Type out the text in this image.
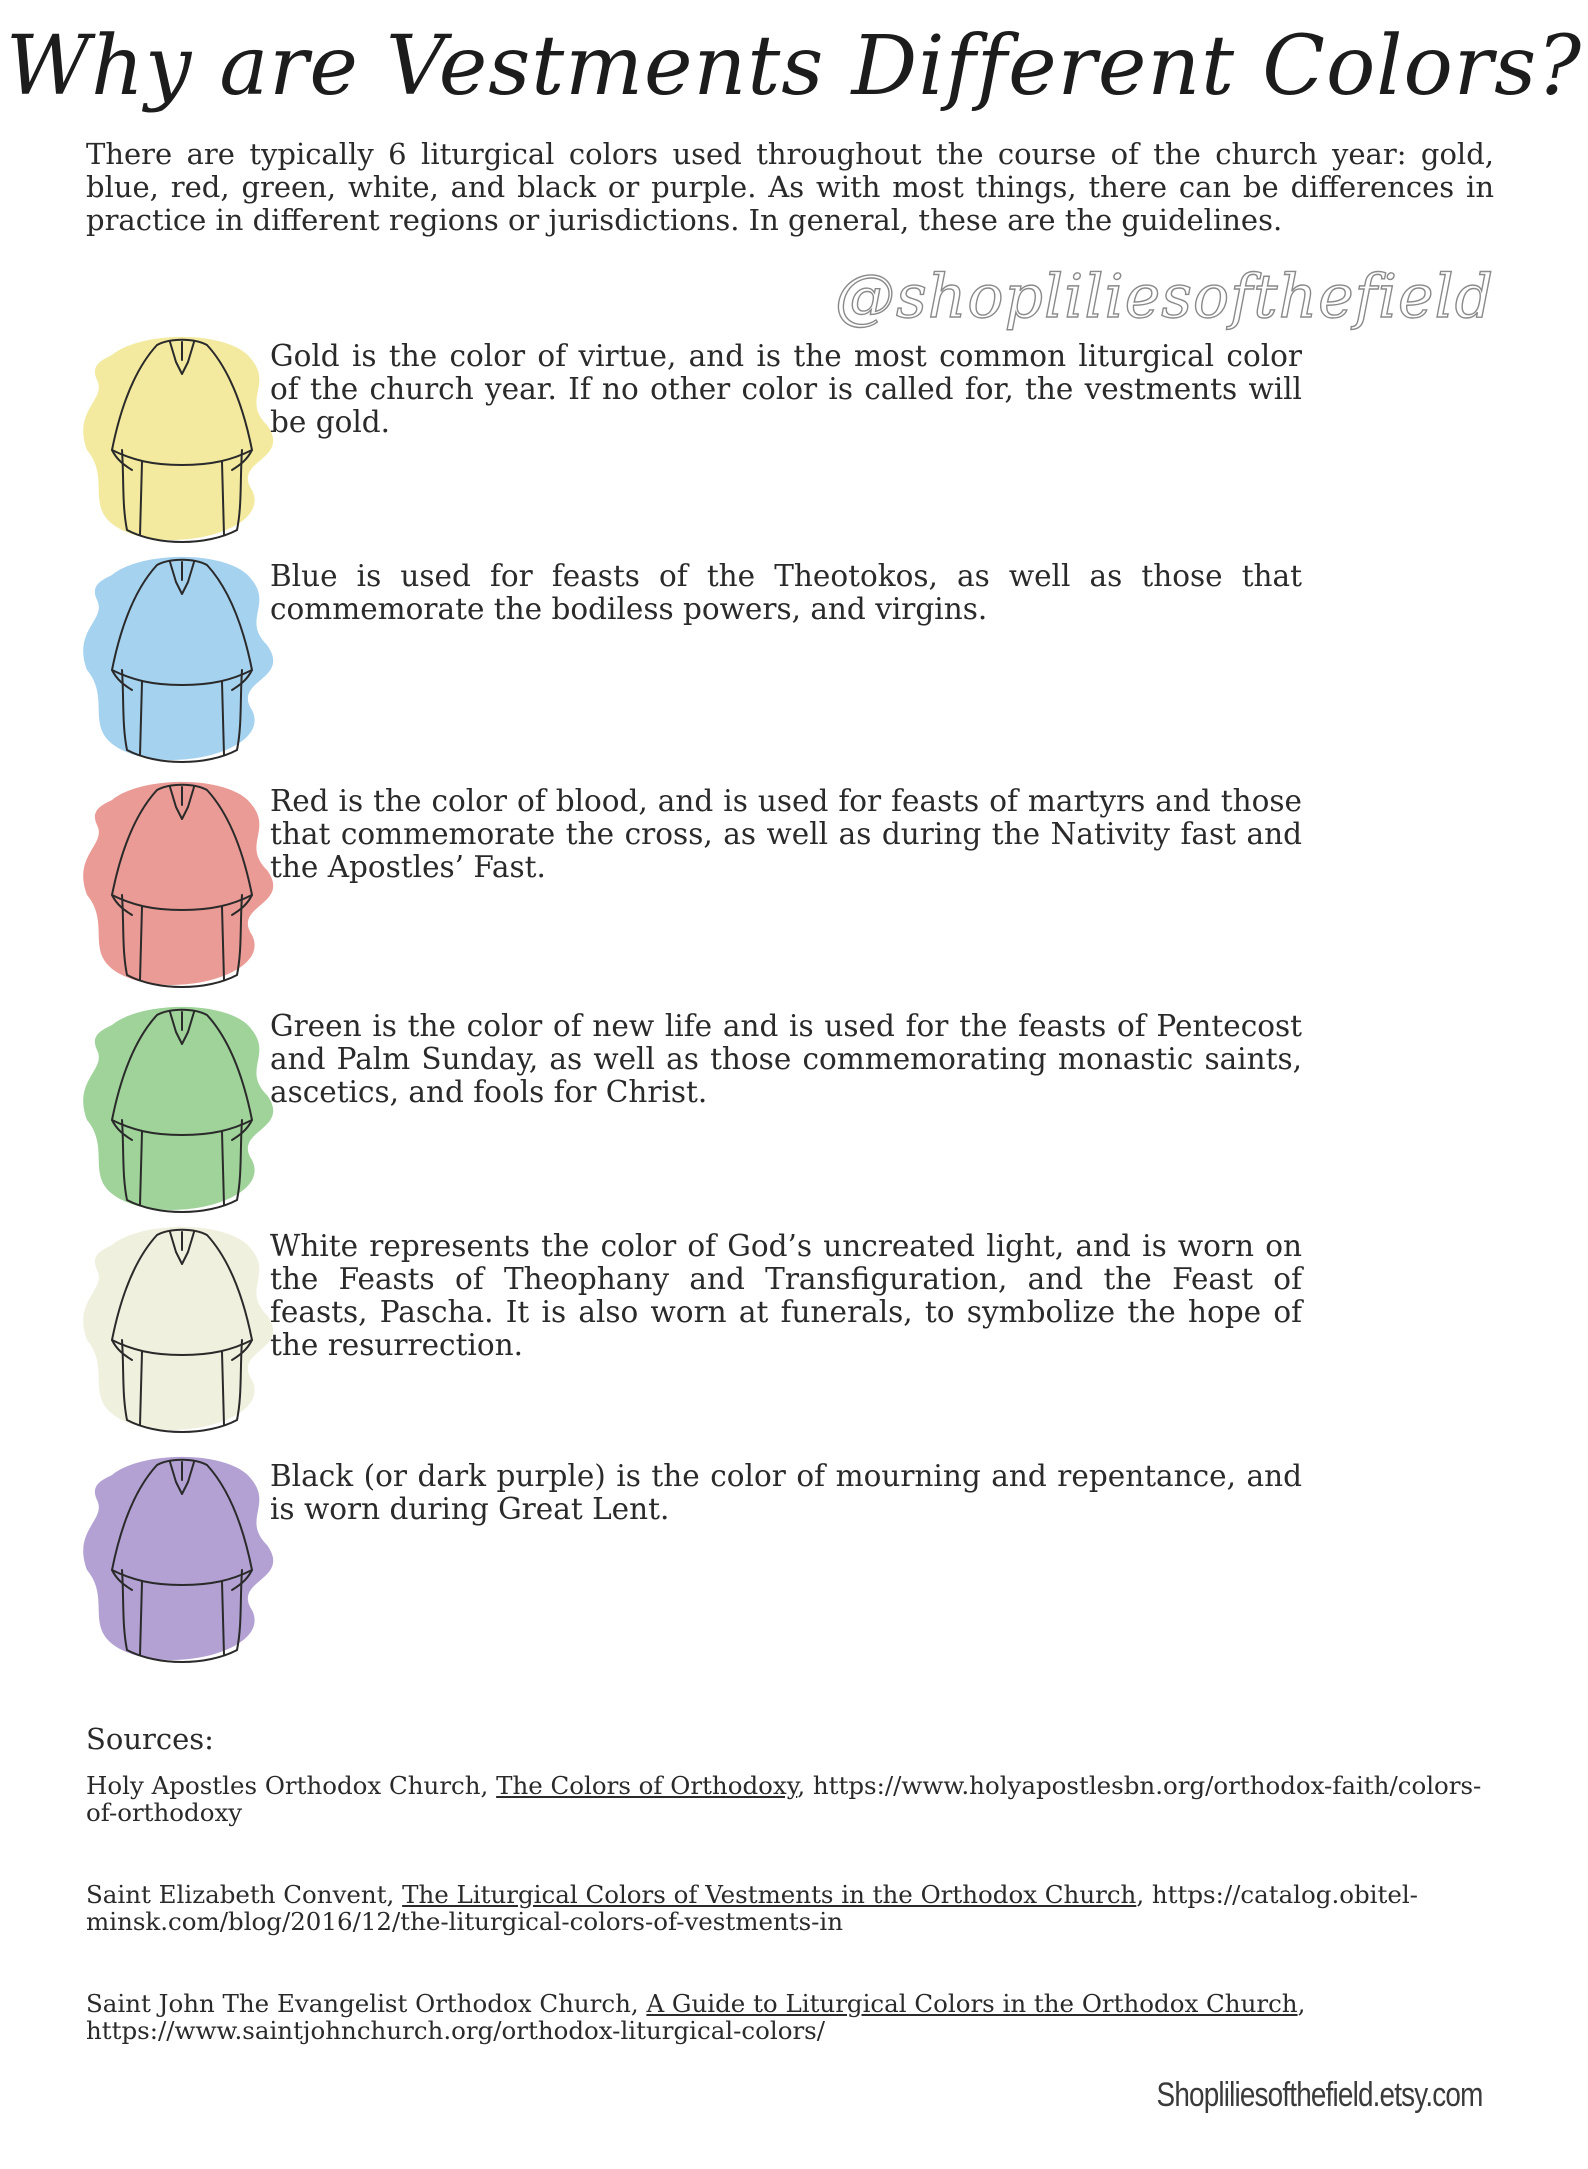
Why are Vestments Different Colors?
There are typically 6 liturgical colors used throughout the course of the church year: gold, blue, red, green, white, and black or purple. As with most things, there can be differences in practice in different regions or jurisdictions. In general, these are the guidelines.
@shopliliesofthefield
Gold is the color of virtue, and is the most common liturgical color of the church year. If no other color is called for, the vestments will be gold.
Blue is used for feasts of the Theotokos, as well as those that commemorate the bodiless powers, and virgins.
Red is the color of blood, and is used for feasts of martyrs and those that commemorate the cross, as well as during the Nativity fast and the Apostles’ Fast.
Green is the color of new life and is used for the feasts of Pentecost and Palm Sunday, as well as those commemorating monastic saints, ascetics, and fools for Christ.
White represents the color of God’s uncreated light, and is worn on the Feasts of Theophany and Transfiguration, and the Feast of feasts, Pascha. It is also worn at funerals, to symbolize the hope of the resurrection.
Black (or dark purple) is the color of mourning and repentance, and is worn during Great Lent.
Sources:
Holy Apostles Orthodox Church, The Colors of Orthodoxy, https://www.holyapostlesbn.org/orthodox-faith/colors-of-orthodoxy
Saint Elizabeth Convent, The Liturgical Colors of Vestments in the Orthodox Church, https://catalog.obitel-minsk.com/blog/2016/12/the-liturgical-colors-of-vestments-in
Saint John The Evangelist Orthodox Church, A Guide to Liturgical Colors in the Orthodox Church, https://www.saintjohnchurch.org/orthodox-liturgical-colors/
Shopliliesofthefield.etsy.com
